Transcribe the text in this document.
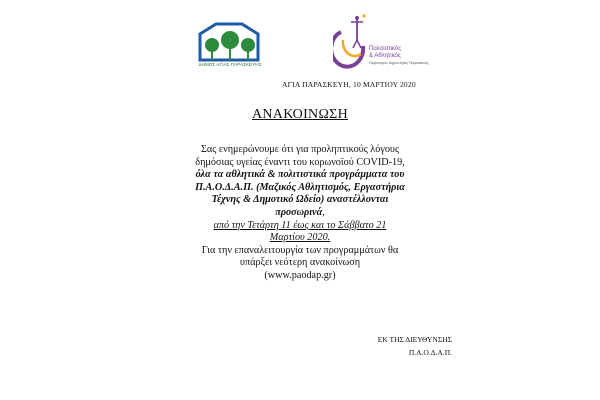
ΔΗΜΟΣ ΑΓΙΑΣ ΠΑΡΑΣΚΕΥΗΣ
Πολιτιστικός
& Αθλητικός
Οργανισμός Δήμου Αγίας Παρασκευής
ΑΓΙΑ ΠΑΡΑΣΚΕΥΗ, 10 ΜΑΡΤΙΟΥ 2020
ΑΝΑΚΟΙΝΩΣΗ
Σας ενημερώνουμε ότι για προληπτικούς λόγους δημόσιας υγείας έναντι του κορωνοϊού COVID-19, όλα τα αθλητικά & πολιτιστικά προγράμματα του Π.Α.Ο.Δ.Α.Π. (Μαζικός Αθλητισμός, Εργαστήρια Τέχνης & Δημοτικό Ωδείο) αναστέλλονται προσωρινά,
από την Τετάρτη 11 έως και το Σάββατο 21 Μαρτίου 2020.
Για την επαναλειτουργία των προγραμμάτων θα υπάρξει νεότερη ανακοίνωση
(www.paodap.gr)
ΕΚ ΤΗΣ ΔΙΕΥΘΥΝΣΗΣ
Π.Α.Ο.Δ.Α.Π.
